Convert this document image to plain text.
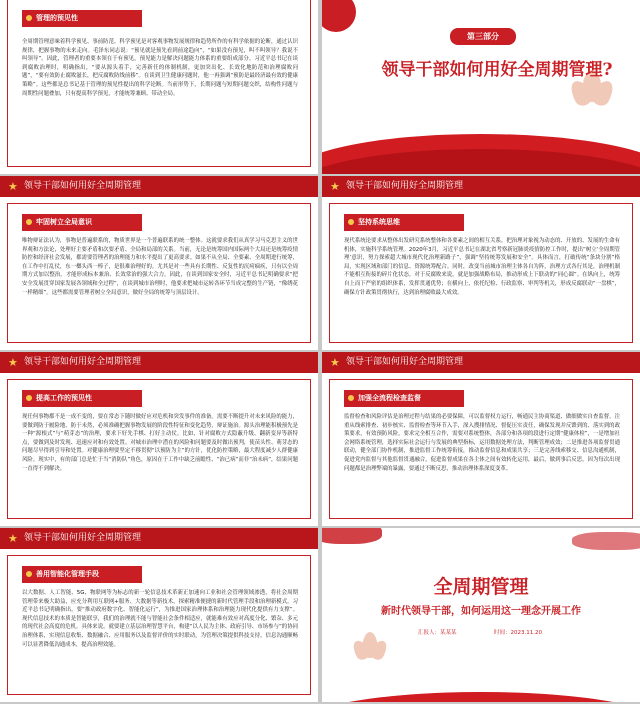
管理的预见性
全周期管理意味着科学预见、事前防范。科学预见是对客观事物发展规律和趋势所作的有科学依据的论断，通过认识规律，把握事物的未来走向。毛泽东同志说：“预见就是预先看到前途趋向”，“如果没有预见，叫不叫领导？我说不叫领导”。因此，管理者的重要本领在于有预见，预见能力是解决问题能力体系的重要组成部分。习近平总书记在谈到腐败治理时，明确指出，“要从源头着手，完善新任的体制机制，更加突出化、长效化地防范和治理腐败问题”，“要有效防止腐败滋长，把反腐败防线前移”。在谈到卫生健康问题时，他一再强调“预防是最经济最有效的健康策略”。这些都是总书记基于管理的预见性提出的科学论断。当前形势下，长期问题与短期问题交织，结构性问题与周期性问题叠加，只有提高科学预见，才能统筹兼顾、带动全局。
第三部分
领导干部如何用好全周期管理?
★ 领导干部如何用好全周期管理
牢固树立全局意识
唯物辩证法认为，事物是普遍联系的，物质世界是一个普遍联系的统一整体。这就要求我们从真学习马克思主义的世界观和方法论，处理好主要矛盾和次要矛盾、全局和局部的关系。当前，无论是统筹国内国际两个大局还是统筹疫情防控和经济社会发展，都需要管理者的治理能力和水平提出了更高要求。如果不从全局、全要素、全周期进行统筹，在工作中打乱仗，东一榔头西一棒子，是很难治理好的。尤其是对一些具有长期性、反复性的沉疴痼疾，只有以全周期方式加以整治，才能形成标本兼治、长效常治的强大合力。因此，在谈到国家安全时，习近平总书记明确要求“把安全发展贯穿国家发展各领域和全过程”，在谈到城市治理时，他要求把城市运转各环节当成完整的生产链，“像绣花一样精细”。这些都需要管理者树立全局意识，做好全局的统筹与顶层设计。
★ 领导干部如何用好全周期管理
坚持系统思维
现代系统论要求从整体出发研究系统整体和各要素之间的相互关系，把治理对象视为动态的、开放的、发展的生命有机体，实施科学系统管理。2020年3月，习近平总书记在湖北省考察新冠肺炎疫情防控工作时，提出“树立‘全周期管理’意识，努力探索超大城市现代化治理新路子”，强调“坚持统筹发展和安全”。具体而言，打破传统“条块分割”格局，实现区域和部门的信息、资源统筹配合。同时，改变当前城市治理主体各自为阵，治理方式各行其是，治理机制不能相互衔接的碎片化状态。对于反腐败来说，就是加强战略布局，推动形成上下联动的“同心圆”。在纵向上，统筹自上而下严密的组织体系，发挥贯通优势；在横向上，依托纪检、行政监察、审判等机关，形成反腐联动“一盘棋”，确保方针政策贯彻执行，达到治理腐败最大成效。
★ 领导干部如何用好全周期管理
提高工作的预见性
现任何事物都不是一成不变的，要在常态下随时做好应对危机和突发事件的准备。需要不断提升对未来风险的能力，要做到防于履险地、防于未然，必须准确把握事物发展的阶段性特征和变化趋势，辩证施治。源头治理能积极预先是一种“源根式”与“萌芽态”的治理，要求下好先手棋、打好主动仗。比如，针对腐败方式隐蔽升级、翻新变异等新特点，要做到及时发现、迅速应对和有效处置。对城市治理中潜在的风险和问题要及时做出预判，使苗头性、萌芽态的问题尽早得到引导和处置。对健康治理要坚定不移贯彻“以预防为主”的方针，优化防控策略，最大程度减少人群健康风险。现实中，有的部门总是忙于当“消防队”角色，原因在于工作中缺乏前瞻性、“治已病”而非“治未病”，结果问题一直得不到解决。
★ 领导干部如何用好全周期管理
加强全流程检查监督
监督检查和风险评估是治理过程与结果的必要保障，可以监督权力运行，畅通民主协商渠道、做细做实自查监督。注重从线索排查、初步核实、监督检查等环节入手，深入搜排情况、督促压实责任，确保发现并反馈到的、落实到的政策要求，有效预防风险，要求完全相互合作，需要对系统整体，各部分和各项的段进行定期“健康体检”，一是增加社会网络系统管理，选择实际社会运行与发展的典型指标，运用数据处理方法，判断管理成效；二是推进各项监督贯通联动，健全部门协作机制，推进监督工作统筹衔接，推动监督信息和成果共享；三是完善线索移交、信息沟通机制，促进党内监督与其他监督贯通融合，促进监督成果在各主体之间有效转化运用，最后，做到事后反思，因为每次出现问题都是治理弊端的暴露，要通过不断反思，推动治理体系深度变革。
★ 领导干部如何用好全周期管理
善用智能化管理手段
以大数据、人工智能、5G、物联网等为标志的新一轮信息技术革新正加速向工业和社会管理领域渗透，将社会周期管理带来极大助益，应充分利用互联网+服务、大数据等新技术，探索精准便捷的新时代管理手段和治理新模式。习近平总书记明确指出，要“推动政府数字化、智能化运行”，为推进国家治理体系和治理能力现代化提供有力支撑”。现代信息技术的本质是智能联享，我们的治理就不能与智能社会条件相适应，就能难有效应对高度分化、繁杂、多元的现代社会高度的危机。具体来说，就要建立基层治理智慧平台，构建“以人民为主体、政府引导、市场参与”的协同治理体系，实现信息收集、数据融合、应用服务以及监督评价的实时联动，为管理决策提供科技支持，信息沟通顺畅可以显著降低沟通成本，提高治理效能。
全周期管理
新时代领导干部，如何运用这一理念开展工作
汇报人：某某某	时间：2023.11.20
